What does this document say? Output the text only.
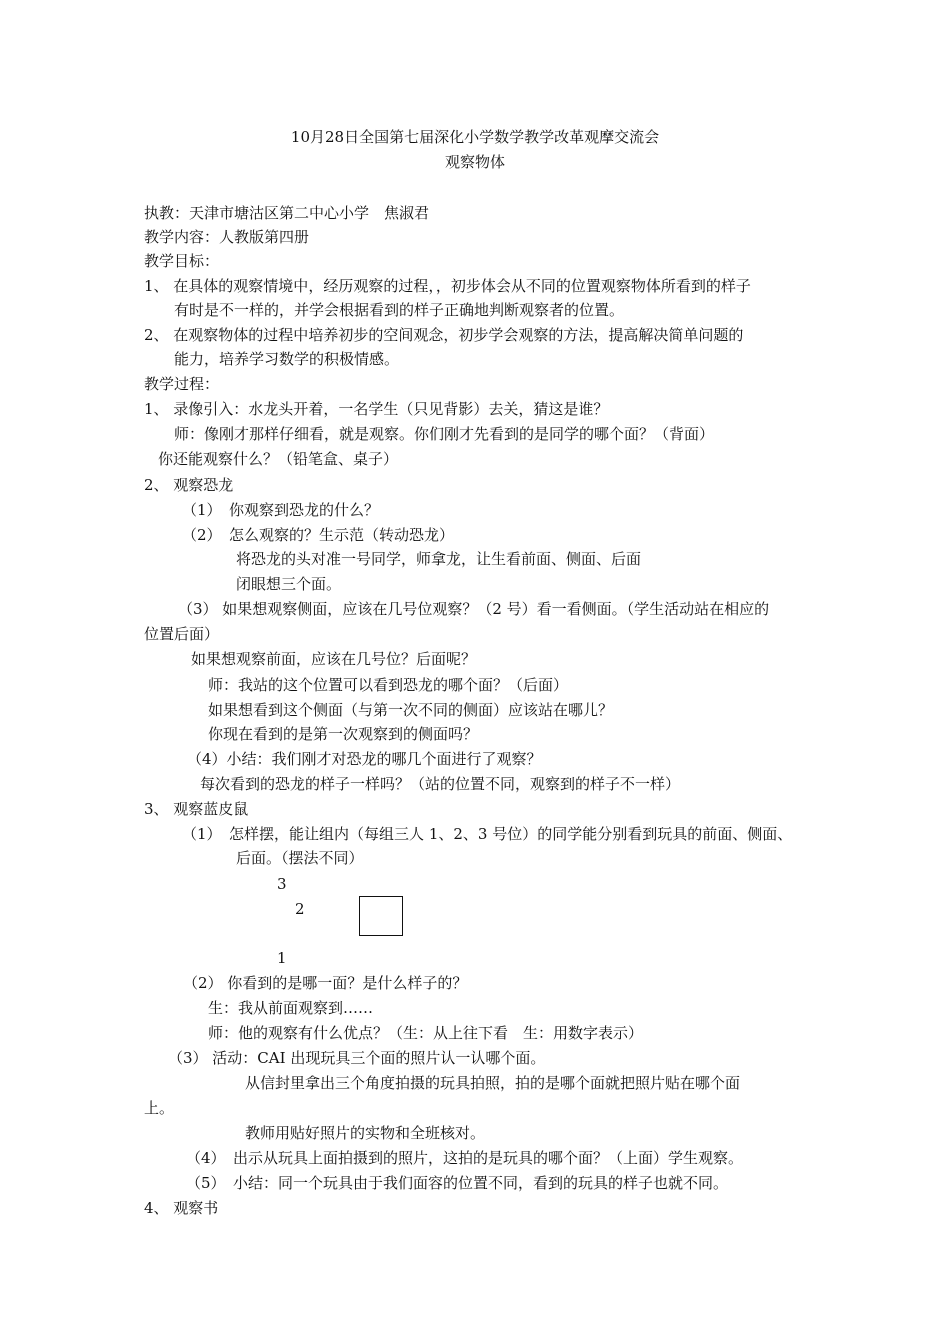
10月28日全国第七届深化小学数学教学改革观摩交流会
观察物体
执教：天津市塘沽区第二中心小学　焦淑君
教学内容：人教版第四册
教学目标：
1、 在具体的观察情境中，经历观察的过程，，初步体会从不同的位置观察物体所看到的样子
有时是不一样的，并学会根据看到的样子正确地判断观察者的位置。
2、 在观察物体的过程中培养初步的空间观念，初步学会观察的方法，提高解决简单问题的
能力，培养学习数学的积极情感。
教学过程：
1、 录像引入：水龙头开着，一名学生（只见背影）去关，猜这是谁？
师：像刚才那样仔细看，就是观察。你们刚才先看到的是同学的哪个面？（背面）
你还能观察什么？（铅笔盒、桌子）
2、 观察恐龙
（1）　你观察到恐龙的什么？
（2）　怎么观察的？生示范（转动恐龙）
将恐龙的头对准一号同学，师拿龙，让生看前面、侧面、后面
闭眼想三个面。
（3） 如果想观察侧面，应该在几号位观察？（2 号）看一看侧面。（学生活动站在相应的
位置后面）
如果想观察前面，应该在几号位？后面呢？
师：我站的这个位置可以看到恐龙的哪个面？（后面）
如果想看到这个侧面（与第一次不同的侧面）应该站在哪儿？
你现在看到的是第一次观察到的侧面吗？
（4）小结：我们刚才对恐龙的哪几个面进行了观察？
每次看到的恐龙的样子一样吗？（站的位置不同，观察到的样子不一样）
3、 观察蓝皮鼠
（1）　怎样摆，能让组内（每组三人 1、2、3 号位）的同学能分别看到玩具的前面、侧面、
后面。（摆法不同）
3
2
1
（2） 你看到的是哪一面？是什么样子的？
生：我从前面观察到……
师：他的观察有什么优点？（生：从上往下看　生：用数字表示）
（3） 活动：CAI 出现玩具三个面的照片认一认哪个面。
从信封里拿出三个角度拍摄的玩具拍照，拍的是哪个面就把照片贴在哪个面
上。
教师用贴好照片的实物和全班核对。
（4）　出示从玩具上面拍摄到的照片，这拍的是玩具的哪个面？（上面）学生观察。
（5）　小结：同一个玩具由于我们面容的位置不同，看到的玩具的样子也就不同。
4、 观察书
